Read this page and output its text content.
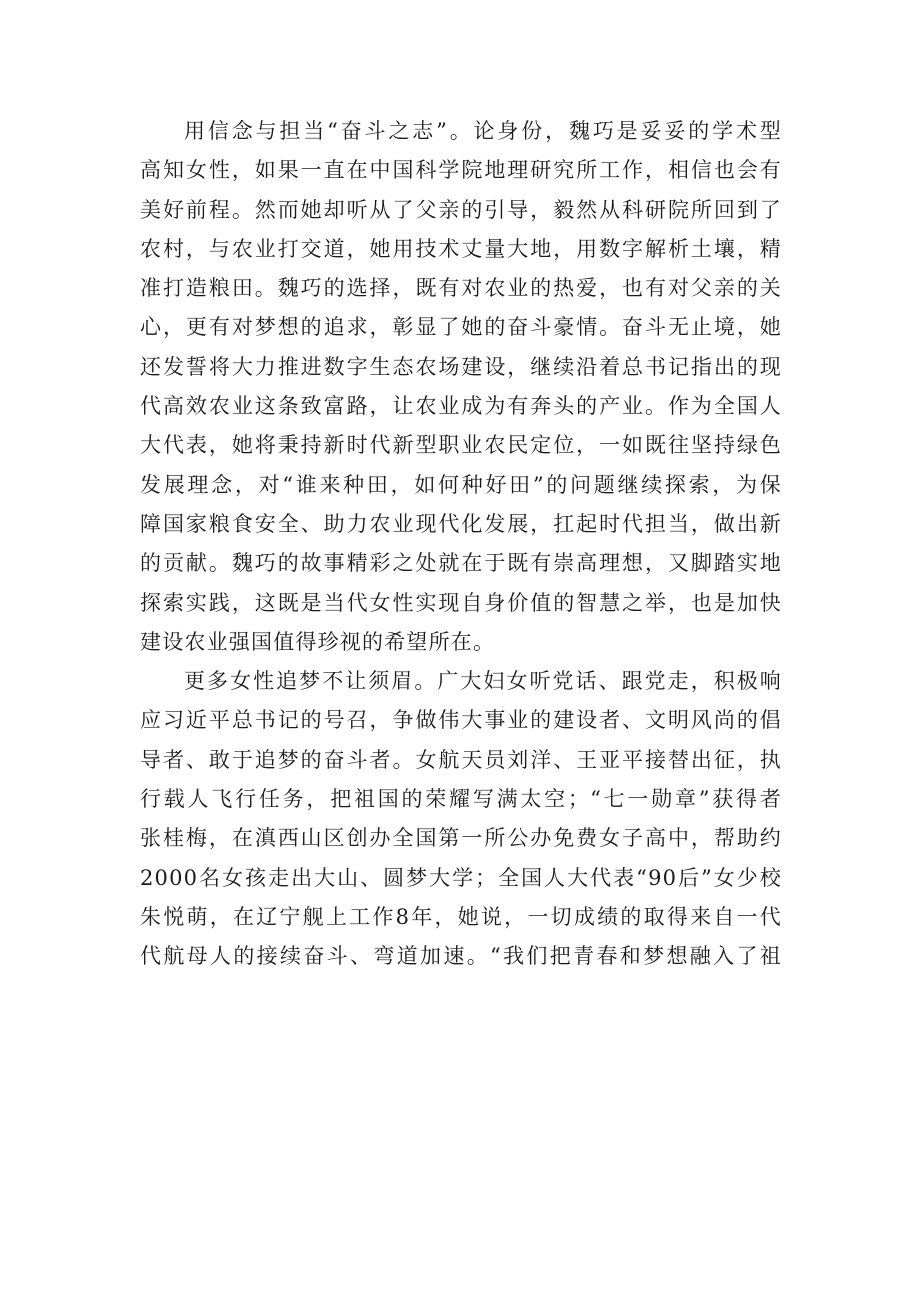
用信念与担当“奋斗之志”。论身份，魏巧是妥妥的学术型
高知女性，如果一直在中国科学院地理研究所工作，相信也会有
美好前程。然而她却听从了父亲的引导，毅然从科研院所回到了
农村，与农业打交道，她用技术丈量大地，用数字解析土壤，精
准打造粮田。魏巧的选择，既有对农业的热爱，也有对父亲的关
心，更有对梦想的追求，彰显了她的奋斗豪情。奋斗无止境，她
还发誓将大力推进数字生态农场建设，继续沿着总书记指出的现
代高效农业这条致富路，让农业成为有奔头的产业。作为全国人
大代表，她将秉持新时代新型职业农民定位，一如既往坚持绿色
发展理念，对“谁来种田，如何种好田”的问题继续探索，为保
障国家粮食安全、助力农业现代化发展，扛起时代担当，做出新
的贡献。魏巧的故事精彩之处就在于既有崇高理想，又脚踏实地
探索实践，这既是当代女性实现自身价值的智慧之举，也是加快
建设农业强国值得珍视的希望所在。
更多女性追梦不让须眉。广大妇女听党话、跟党走，积极响
应习近平总书记的号召，争做伟大事业的建设者、文明风尚的倡
导者、敢于追梦的奋斗者。女航天员刘洋、王亚平接替出征，执
行载人飞行任务，把祖国的荣耀写满太空；“七一勋章”获得者
张桂梅，在滇西山区创办全国第一所公办免费女子高中，帮助约
2000名女孩走出大山、圆梦大学；全国人大代表“90后”女少校
朱悦萌，在辽宁舰上工作8年，她说，一切成绩的取得来自一代
代航母人的接续奋斗、弯道加速。“我们把青春和梦想融入了祖
